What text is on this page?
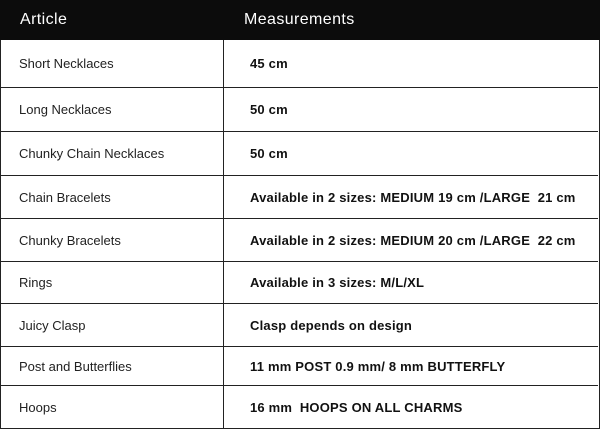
Article	Measurements
Short Necklaces	45 cm
Long Necklaces	50 cm
Chunky Chain Necklaces	50 cm
Chain Bracelets	Available in 2 sizes: MEDIUM 19 cm /LARGE  21 cm
Chunky Bracelets	Available in 2 sizes: MEDIUM 20 cm /LARGE  22 cm
Rings	Available in 3 sizes: M/L/XL
Juicy Clasp	Clasp depends on design
Post and Butterflies	11 mm POST 0.9 mm/ 8 mm BUTTERFLY
Hoops	16 mm  HOOPS ON ALL CHARMS
